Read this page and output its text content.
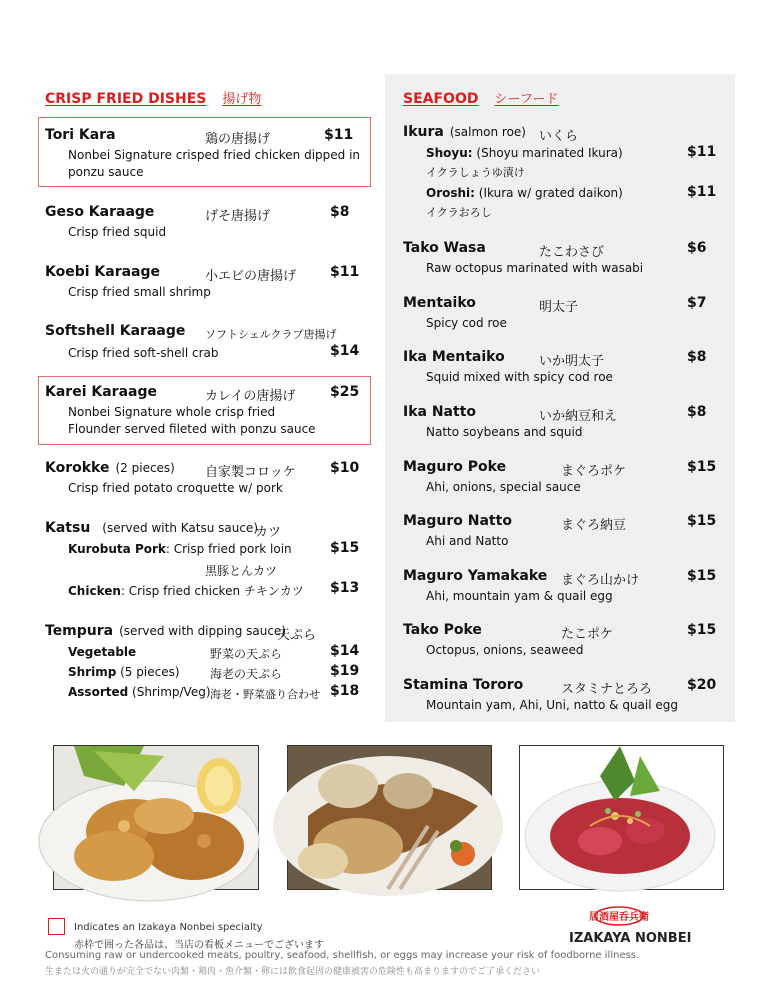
CRISP FRIED DISHES 揚げ物
Tori Kara	鶏の唐揚げ	$11
Nonbei Signature crisped fried chicken dipped in
ponzu sauce
Geso Karaage	げそ唐揚げ	$8
Crisp fried squid
Koebi Karaage	小エビの唐揚げ $11
Crisp fried small shrimp
Softshell Karaage ソフトシェルクラブ唐揚げ
Crisp fried soft-shell crab	$14
Karei Karaage	カレイの唐揚げ $25
Nonbei Signature whole crisp fried
Flounder served fileted with ponzu sauce
Korokke (2 pieces) 自家製コロッケ $10
Crisp fried potato croquette w/ pork
Katsu (served with Katsu sauce)
カツ
Kurobuta Pork: Crisp fried pork loin	$15
黒豚とんカツ
Chicken: Crisp fried chicken チキンカツ $13
Tempura (served with dipping sauce)
天ぷら
Vegetable	野菜の天ぷら	$14
Shrimp (5 pieces)	海老の天ぷら	$19
Assorted (Shrimp/Veg) 海老・野菜盛り合わせ $18
SEAFOOD シーフード
Ikura (salmon roe) いくら
Shoyu: (Shoyu marinated Ikura)	$11
イクラしょうゆ漬け
Oroshi: (Ikura w/ grated daikon)	$11
イクラおろし
Tako Wasa	たこわさび	$6
Raw octopus marinated with wasabi
Mentaiko	明太子	$7
Spicy cod roe
Ika Mentaiko	いか明太子	$8
Squid mixed with spicy cod roe
Ika Natto	いか納豆和え	$8
Natto soybeans and squid
Maguro Poke	まぐろポケ	$15
Ahi, onions, special sauce
Maguro Natto	まぐろ納豆	$15
Ahi and Natto
Maguro Yamakake まぐろ山かけ	$15
Ahi, mountain yam & quail egg
Tako Poke	たこポケ	$15
Octopus, onions, seaweed
Stamina Tororo	スタミナとろろ $20
Mountain yam, Ahi, Uni, natto & quail egg
Indicates an Izakaya Nonbei specialty
赤枠で囲った各品は、当店の看板メニューでございます
Consuming raw or undercooked meats, poultry, seafood, shellfish, or eggs may increase your risk of foodborne illness.
生または火の通りが完全でない肉類・鶏肉・魚介類・卵には飲食起因の健康被害の危険性も高まりますのでご了承ください
居酒屋呑兵衛
IZAKAYA NONBEI
